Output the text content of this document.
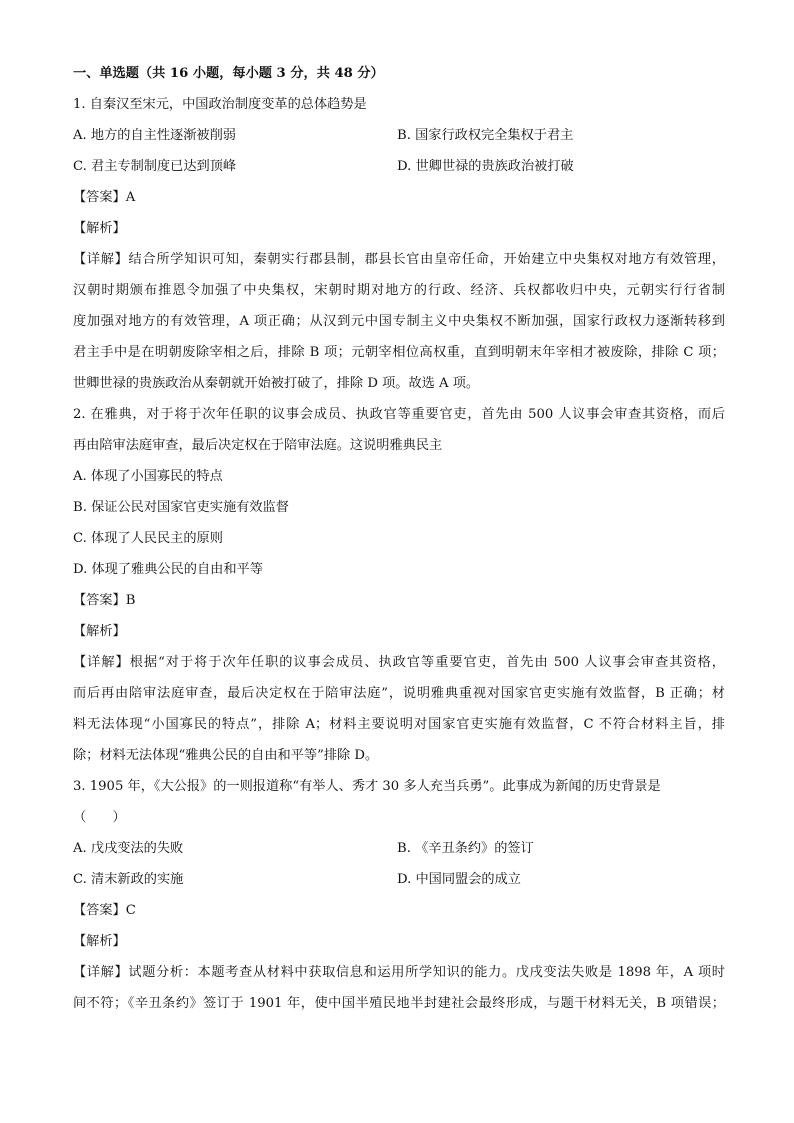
一、单选题（共 16 小题，每小题 3 分，共 48 分）
1. 自秦汉至宋元，中国政治制度变革的总体趋势是
A. 地方的自主性逐渐被削弱	B. 国家行政权完全集权于君主
C. 君主专制制度已达到顶峰	D. 世卿世禄的贵族政治被打破
【答案】A
【解析】
【详解】结合所学知识可知，秦朝实行郡县制，郡县长官由皇帝任命，开始建立中央集权对地方有效管理，
汉朝时期颁布推恩令加强了中央集权，宋朝时期对地方的行政、经济、兵权都收归中央，元朝实行行省制
度加强对地方的有效管理，A 项正确；从汉到元中国专制主义中央集权不断加强，国家行政权力逐渐转移到
君主手中是在明朝废除宰相之后，排除 B 项；元朝宰相位高权重，直到明朝末年宰相才被废除，排除 C 项；
世卿世禄的贵族政治从秦朝就开始被打破了，排除 D 项。故选 A 项。
2. 在雅典，对于将于次年任职的议事会成员、执政官等重要官吏，首先由 500 人议事会审查其资格，而后
再由陪审法庭审查，最后决定权在于陪审法庭。这说明雅典民主
A. 体现了小国寡民的特点
B. 保证公民对国家官吏实施有效监督
C. 体现了人民民主的原则
D. 体现了雅典公民的自由和平等
【答案】B
【解析】
【详解】根据“对于将于次年任职的议事会成员、执政官等重要官吏，首先由 500 人议事会审查其资格，
而后再由陪审法庭审查，最后决定权在于陪审法庭”，说明雅典重视对国家官吏实施有效监督，B 正确；材
料无法体现“小国寡民的特点”，排除 A；材料主要说明对国家官吏实施有效监督，C 不符合材料主旨，排
除；材料无法体现“雅典公民的自由和平等”排除 D。
3. 1905 年，《大公报》的一则报道称“有举人、秀才 30 多人充当兵勇”。此事成为新闻的历史背景是
（　　）
A. 戊戌变法的失败	B. 《辛丑条约》的签订
C. 清末新政的实施	D. 中国同盟会的成立
【答案】C
【解析】
【详解】试题分析：本题考查从材料中获取信息和运用所学知识的能力。戊戌变法失败是 1898 年，A 项时
间不符；《辛丑条约》签订于 1901 年，使中国半殖民地半封建社会最终形成，与题干材料无关，B 项错误；
